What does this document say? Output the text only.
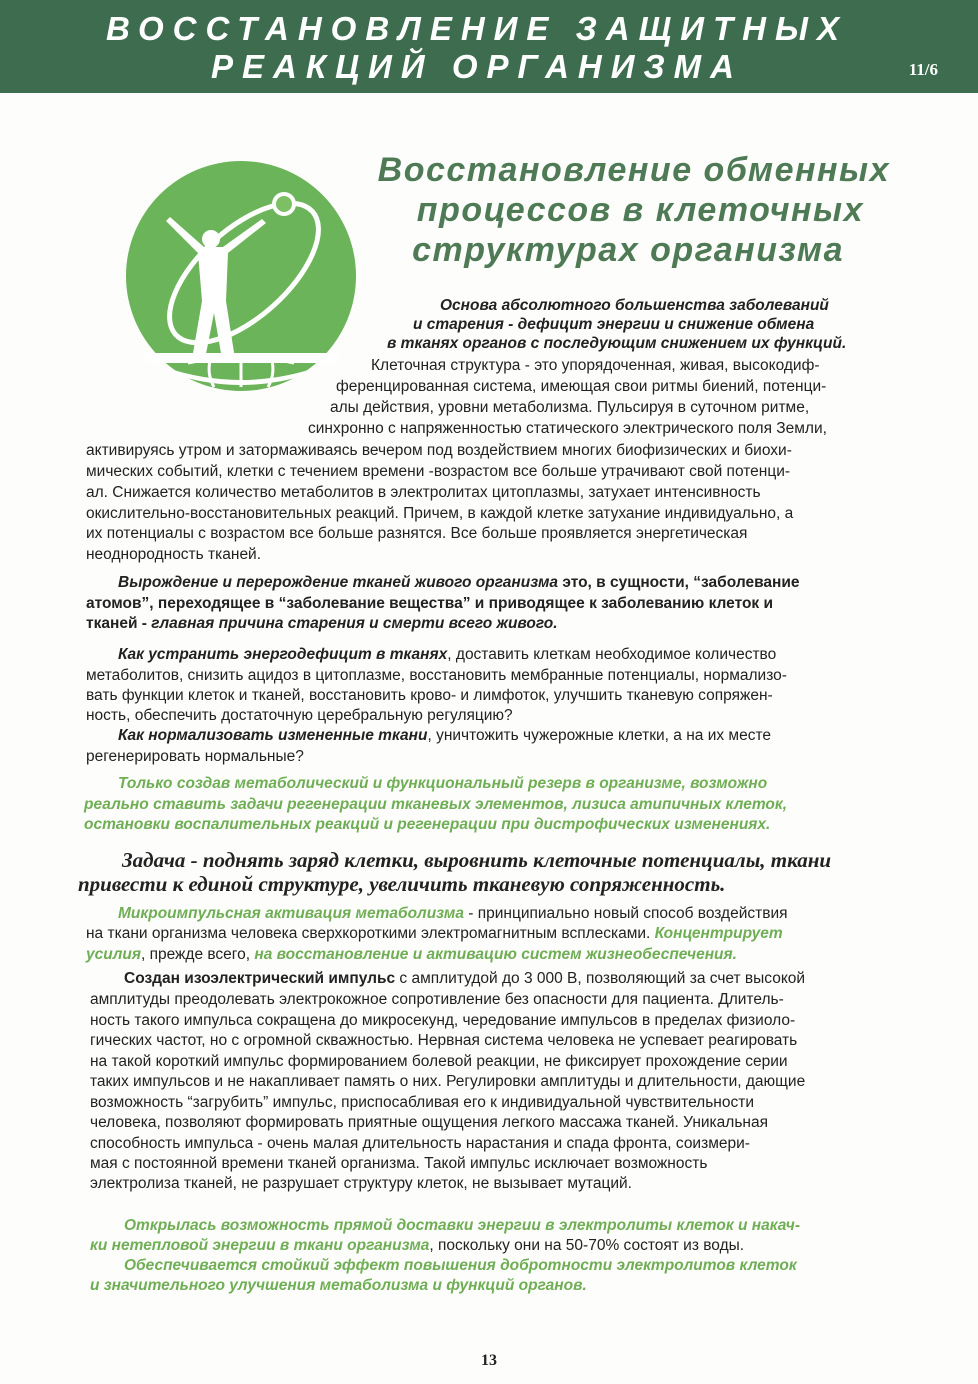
ВОССТАНОВЛЕНИЕ ЗАЩИТНЫХ
РЕАКЦИЙ ОРГАНИЗМА	11/6
Восстановление обменных
процессов в клеточных
структурах организма
Основа абсолютного большенства заболеваний
и старения - дефицит энергии и снижение обмена
в тканях органов с последующим снижением их функций.
Клеточная структура - это упорядоченная, живая, высокодиф-
ференцированная система, имеющая свои ритмы биений, потенци-
алы действия, уровни метаболизма. Пульсируя в суточном ритме,
синхронно с напряженностью статического электрического поля Земли,
активируясь утром и затормаживаясь вечером под воздействием многих биофизических и биохи-
мических событий, клетки с течением времени -возрастом все больше утрачивают свой потенци-
ал. Снижается количество метаболитов в электролитах цитоплазмы, затухает интенсивность
окислительно-восстановительных реакций. Причем, в каждой клетке затухание индивидуально, а
их потенциалы с возрастом все больше разнятся. Все больше проявляется энергетическая
неоднородность тканей.
Вырождение и перерождение тканей живого организма это, в сущности, “заболевание
атомов”, переходящее в “заболевание вещества” и приводящее к заболеванию клеток и
тканей - главная причина старения и смерти всего живого.
Как устранить энергодефицит в тканях, доставить клеткам необходимое количество
метаболитов, снизить ацидоз в цитоплазме, восстановить мембранные потенциалы, нормализо-
вать функции клеток и тканей, восстановить крово- и лимфоток, улучшить тканевую сопряжен-
ность, обеспечить достаточную церебральную регуляцию?
Как нормализовать измененные ткани, уничтожить чужерожные клетки, а на их месте
регенерировать нормальные?
Только создав метаболический и функциональный резерв в организме, возможно
реально ставить задачи регенерации тканевых элементов, лизиса атипичных клеток,
остановки воспалительных реакций и регенерации при дистрофических изменениях.
Задача - поднять заряд клетки, выровнить клеточные потенциалы, ткани
привести к единой структуре, увеличить тканевую сопряженность.
Микроимпульсная активация метаболизма - принципиально новый способ воздействия
на ткани организма человека сверхкороткими электромагнитным всплесками. Концентрирует
усилия, прежде всего, на восстановление и активацию систем жизнеобеспечения.
Создан изоэлектрический импульс с амплитудой до 3 000 В, позволяющий за счет высокой
амплитуды преодолевать электрокожное сопротивление без опасности для пациента. Длитель-
ность такого импульса сокращена до микросекунд, чередование импульсов в пределах физиоло-
гических частот, но с огромной скважностью. Нервная система человека не успевает реагировать
на такой короткий импульс формированием болевой реакции, не фиксирует прохождение серии
таких импульсов и не накапливает память о них. Регулировки амплитуды и длительности, дающие
возможность “загрубить” импульс, приспосабливая его к индивидуальной чувствительности
человека, позволяют формировать приятные ощущения легкого массажа тканей. Уникальная
способность импульса - очень малая длительность нарастания и спада фронта, соизмери-
мая с постоянной времени тканей организма. Такой импульс исключает возможность
электролиза тканей, не разрушает структуру клеток, не вызывает мутаций.
Открылась возможность прямой доставки энергии в электролиты клеток и накач-
ки нетепловой энергии в ткани организма, поскольку они на 50-70% состоят из воды.
Обеспечивается стойкий эффект повышения добротности электролитов клеток
и значительного улучшения метаболизма и функций органов.
13
